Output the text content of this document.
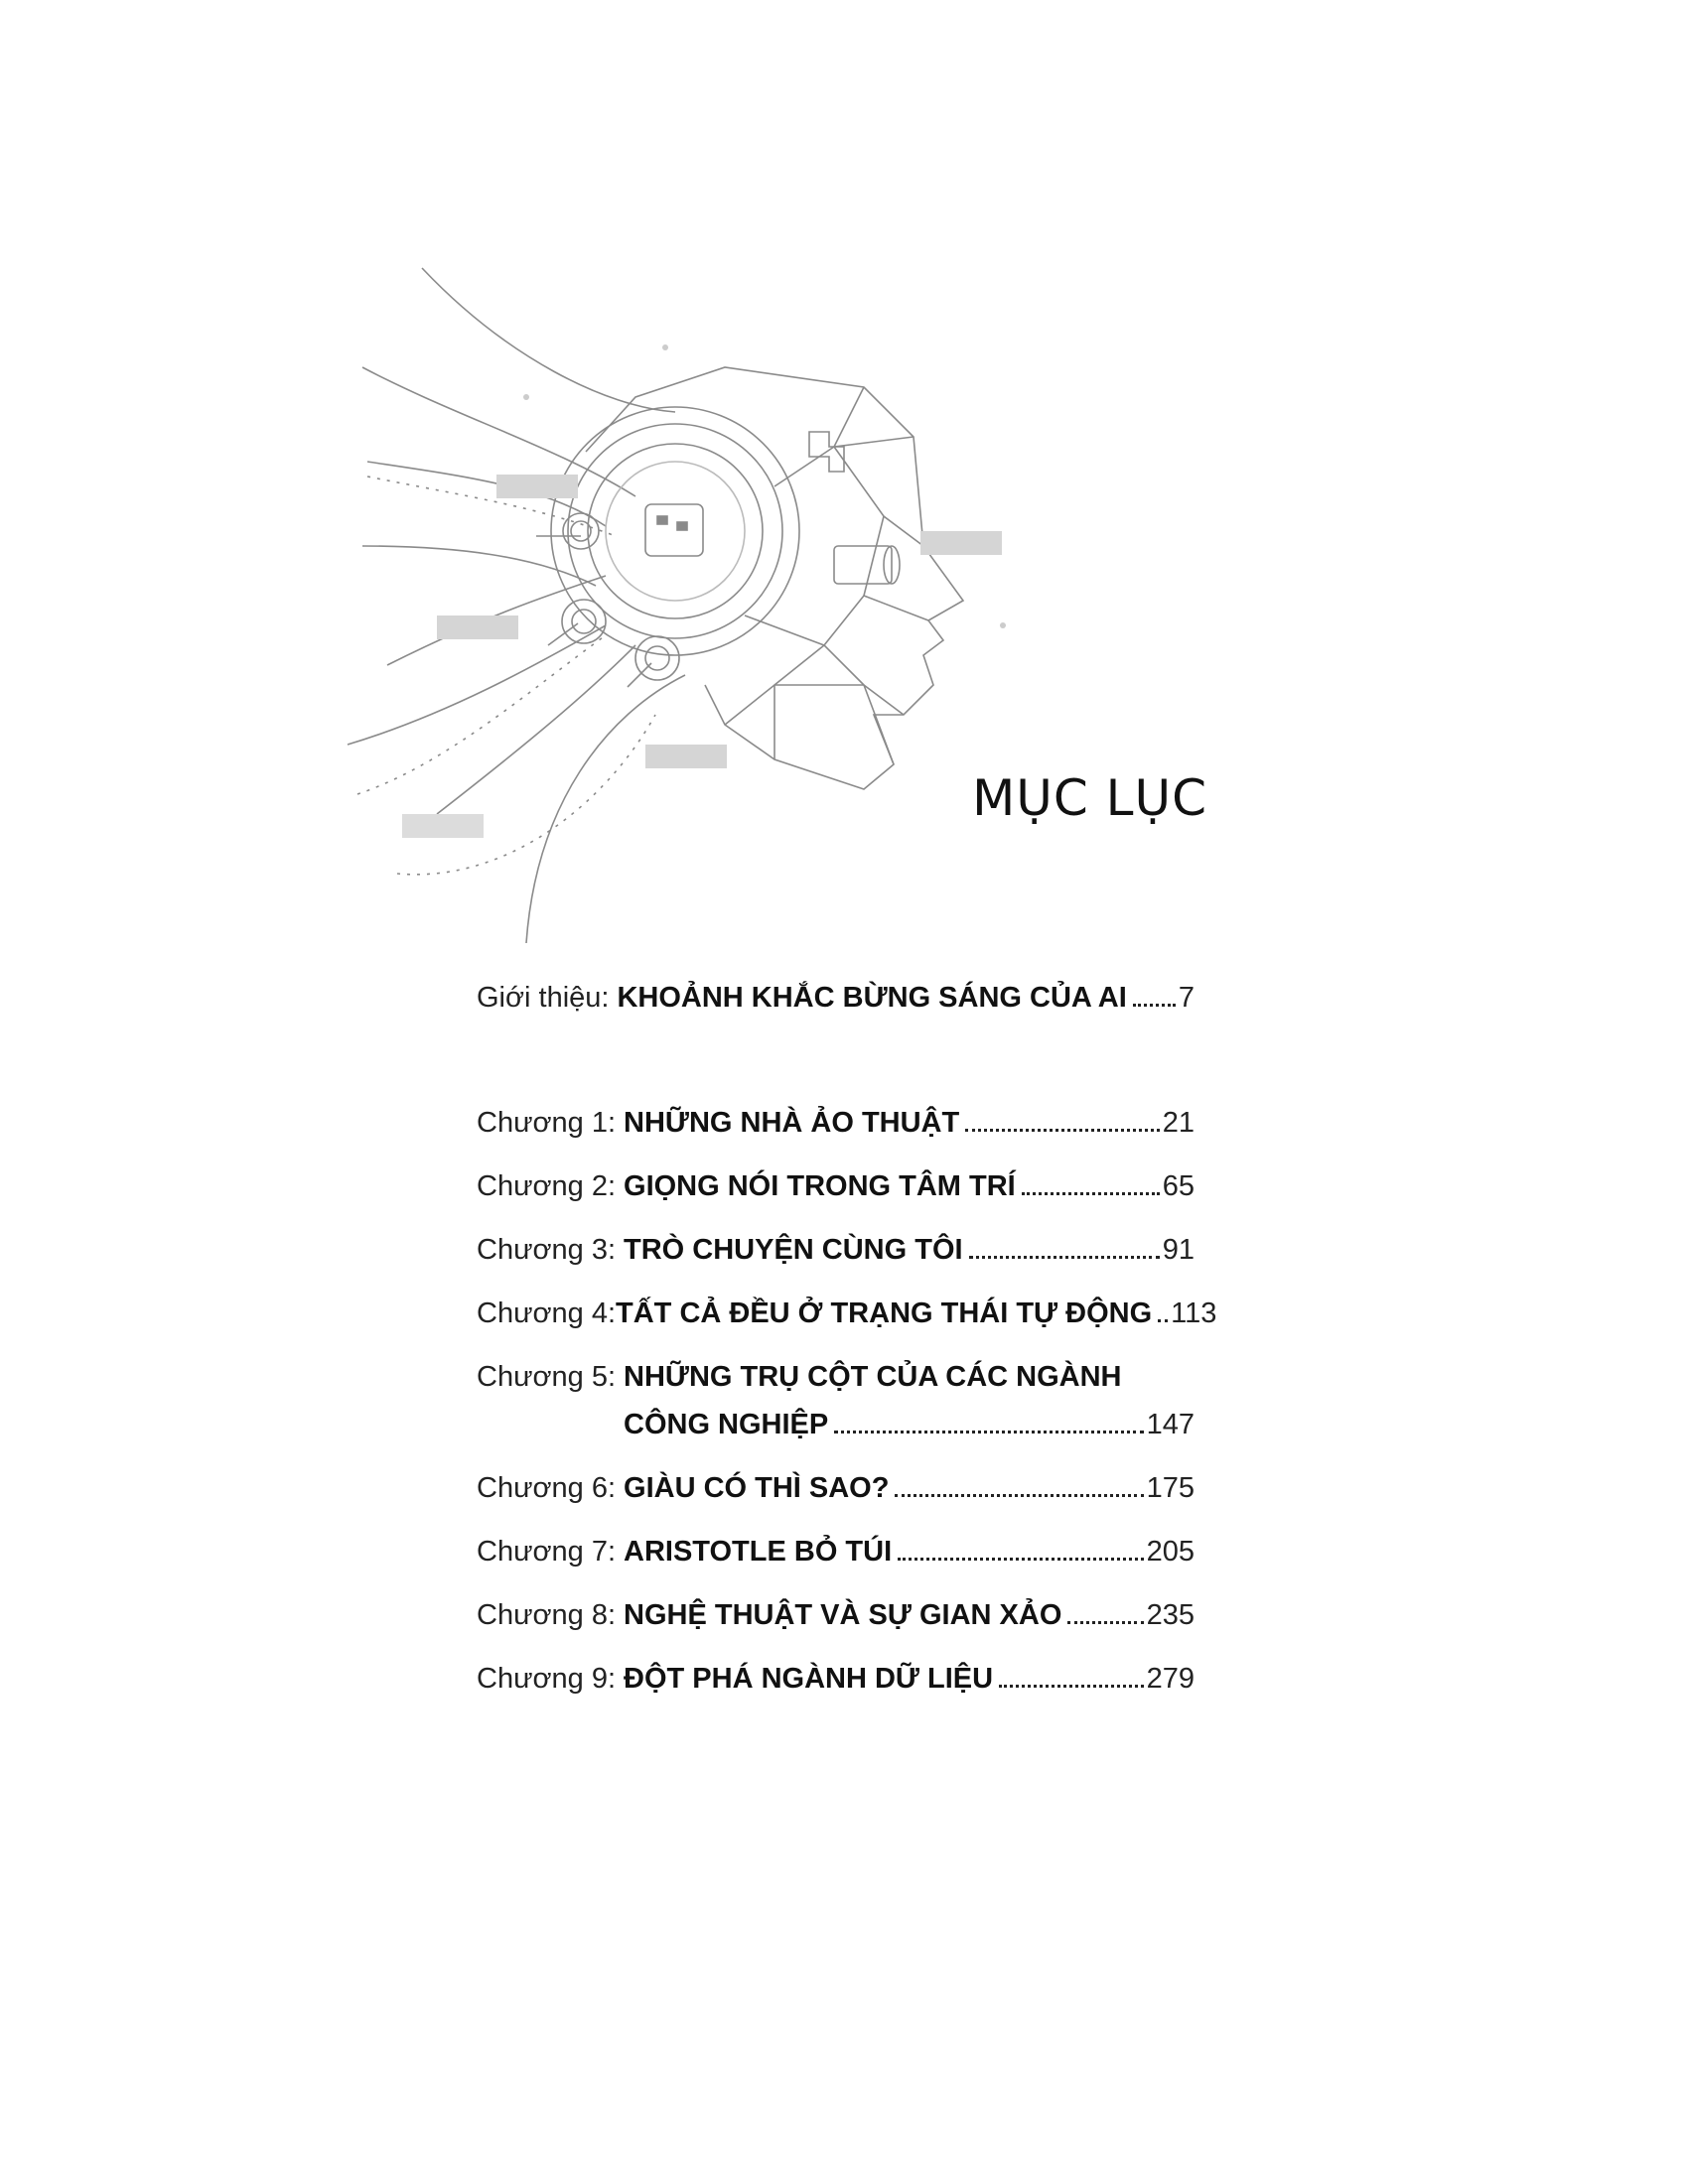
MỤC LỤC
Giới thiệu: KHOẢNH KHẮC BỪNG SÁNG CỦA AI 7
Chương 1: NHỮNG NHÀ ẢO THUẬT	21
Chương 2: GIỌNG NÓI TRONG TÂM TRÍ	65
Chương 3: TRÒ CHUYỆN CÙNG TÔI	91
Chương 4: TẤT CẢ ĐỀU Ở TRẠNG THÁI TỰ ĐỘNG 113
Chương 5: NHỮNG TRỤ CỘT CỦA CÁC NGÀNH
CÔNG NGHIỆP	147
Chương 6: GIÀU CÓ THÌ SAO?	175
Chương 7: ARISTOTLE BỎ TÚI	205
Chương 8: NGHỆ THUẬT VÀ SỰ GIAN XẢO	235
Chương 9: ĐỘT PHÁ NGÀNH DỮ LIỆU	279
